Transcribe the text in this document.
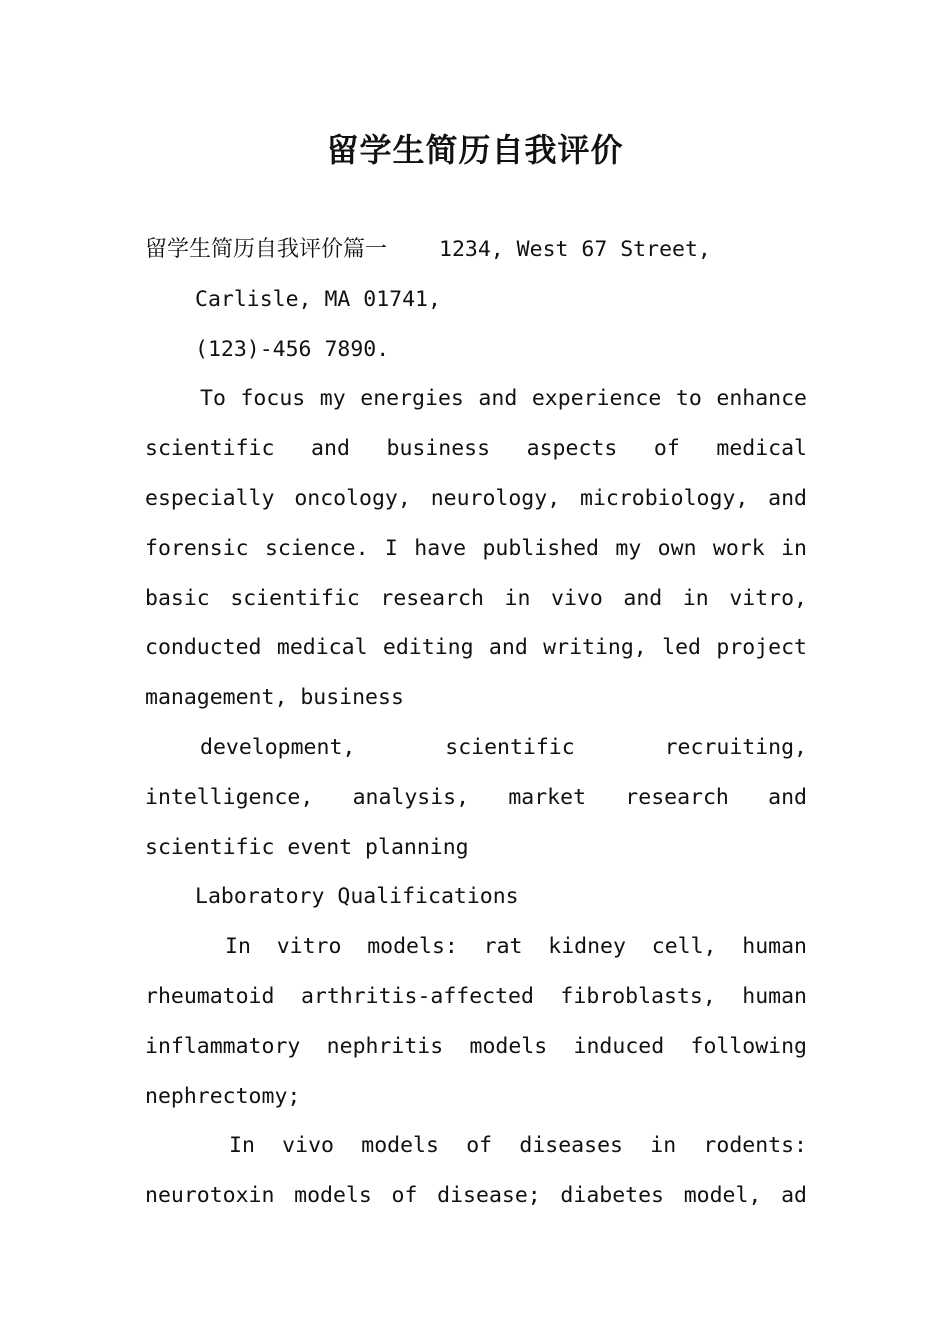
留学生简历自我评价
留学生简历自我评价篇一 1234, West 67 Street,
Carlisle, MA 01741,
(123)-456 7890.
To focus my energies and experience to enhance
scientific and business aspects of medical
especially oncology, neurology, microbiology, and
forensic science. I have published my own work in
basic scientific research in vivo and in vitro,
conducted medical editing and writing, led project
management, business
development, scientific recruiting,
intelligence, analysis, market research and
scientific event planning
Laboratory Qualifications
In vitro models: rat kidney cell, human
rheumatoid arthritis-affected fibroblasts, human
inflammatory nephritis models induced following
nephrectomy;
In vivo models of diseases in rodents:
neurotoxin models of disease; diabetes model, ad
